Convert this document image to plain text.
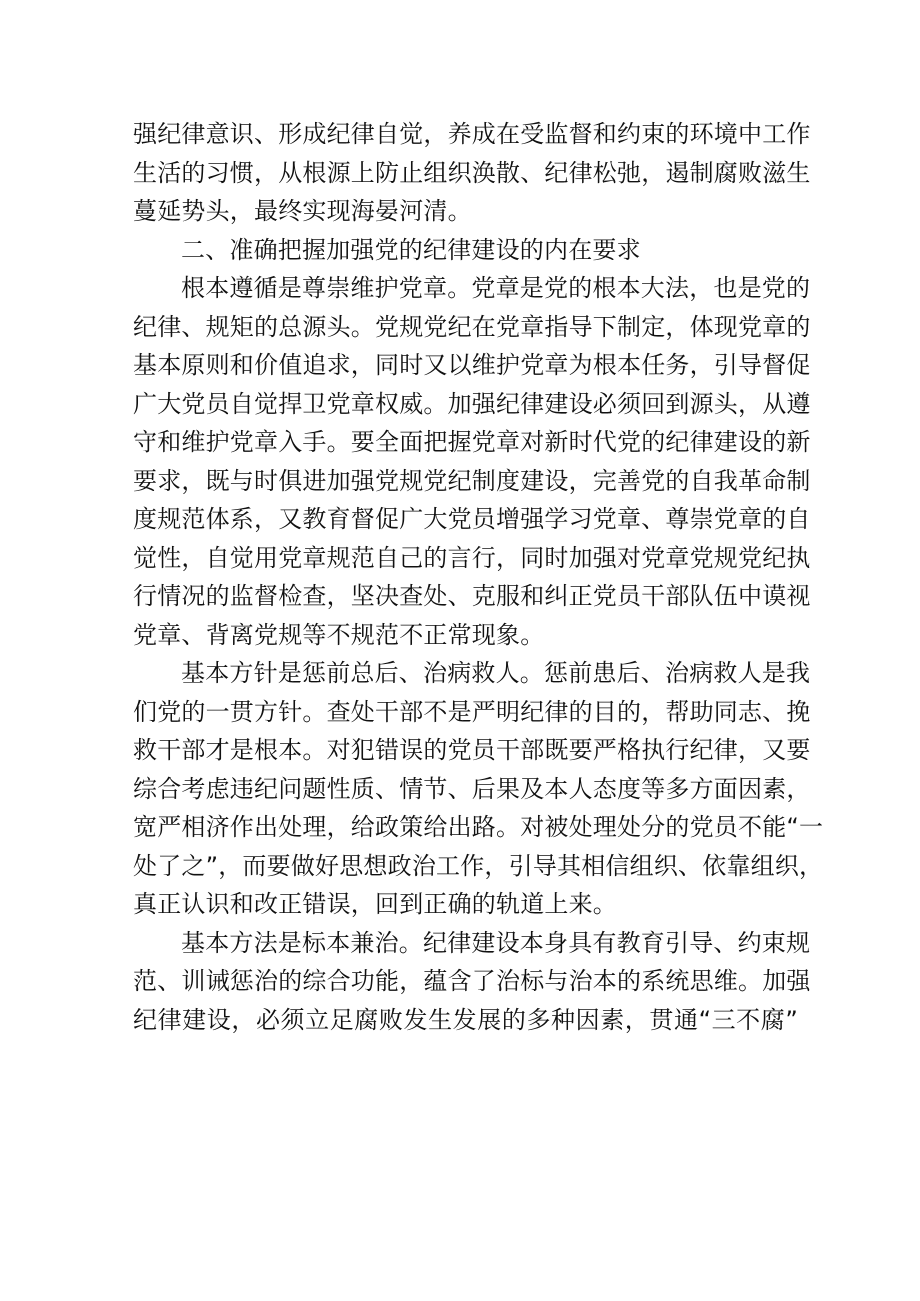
强纪律意识、形成纪律自觉，养成在受监督和约束的环境中工作
生活的习惯，从根源上防止组织涣散、纪律松弛，遏制腐败滋生
蔓延势头，最终实现海晏河清。
二、准确把握加强党的纪律建设的内在要求
根本遵循是尊崇维护党章。党章是党的根本大法，也是党的
纪律、规矩的总源头。党规党纪在党章指导下制定，体现党章的
基本原则和价值追求，同时又以维护党章为根本任务，引导督促
广大党员自觉捍卫党章权威。加强纪律建设必须回到源头，从遵
守和维护党章入手。要全面把握党章对新时代党的纪律建设的新
要求，既与时俱进加强党规党纪制度建设，完善党的自我革命制
度规范体系，又教育督促广大党员增强学习党章、尊崇党章的自
觉性，自觉用党章规范自己的言行，同时加强对党章党规党纪执
行情况的监督检查，坚决查处、克服和纠正党员干部队伍中谟视
党章、背离党规等不规范不正常现象。
基本方针是惩前总后、治病救人。惩前患后、治病救人是我
们党的一贯方针。查处干部不是严明纪律的目的，帮助同志、挽
救干部才是根本。对犯错误的党员干部既要严格执行纪律，又要
综合考虑违纪问题性质、情节、后果及本人态度等多方面因素，
宽严相济作出处理，给政策给出路。对被处理处分的党员不能“一
处了之”，而要做好思想政治工作，引导其相信组织、依靠组织，
真正认识和改正错误，回到正确的轨道上来。
基本方法是标本兼治。纪律建设本身具有教育引导、约束规
范、训诫惩治的综合功能，蕴含了治标与治本的系统思维。加强
纪律建设，必须立足腐败发生发展的多种因素，贯通“三不腐”
